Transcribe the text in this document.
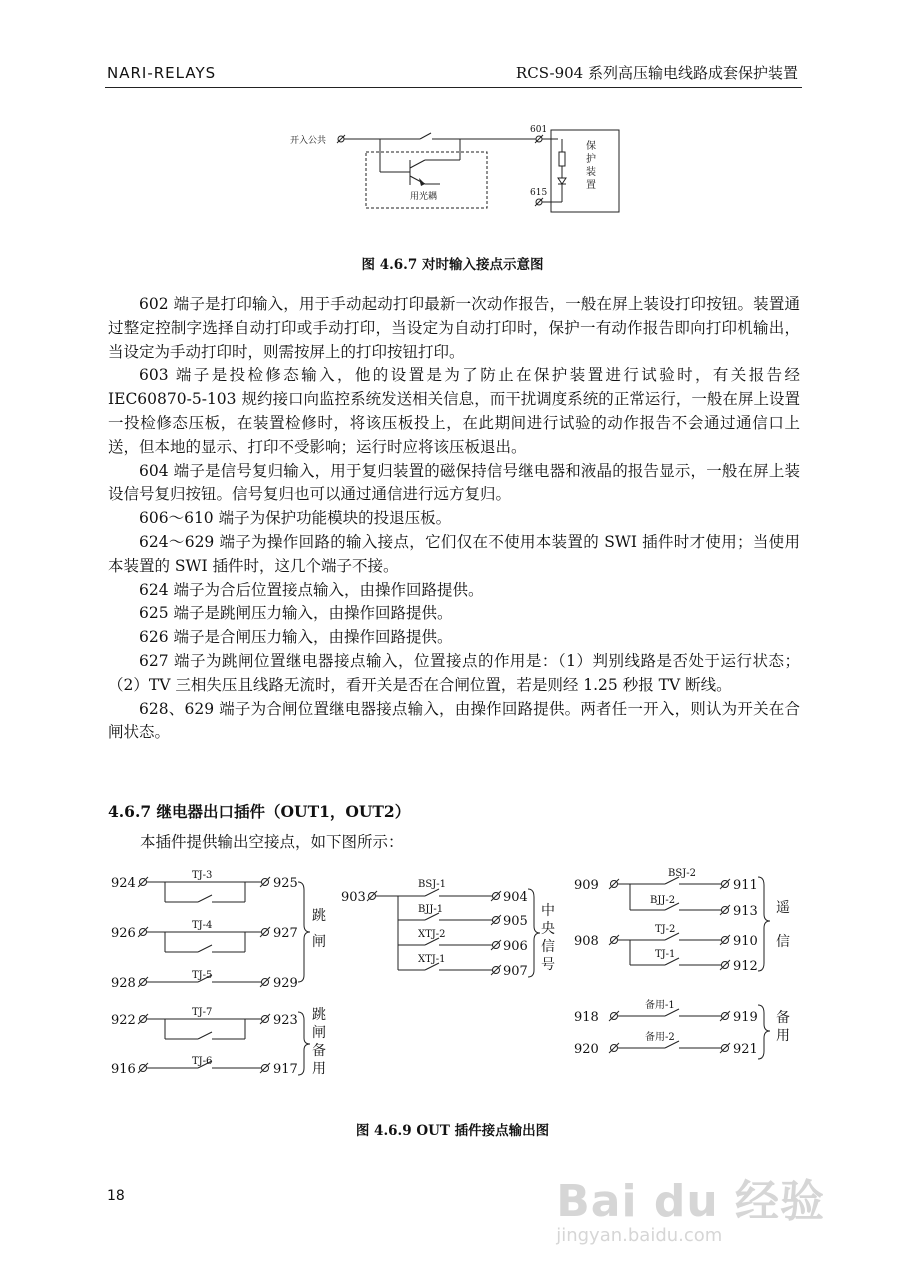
NARI-RELAYS	RCS-904 系列高压输电线路成套保护装置
开入公共
601
615
用光耦
保
护
装
置
图 4.6.7 对时输入接点示意图

602 端子是打印输入，用于手动起动打印最新一次动作报告，一般在屏上装设打印按钮。装置通过整定控制字选择自动打印或手动打印，当设定为自动打印时，保护一有动作报告即向打印机输出，当设定为手动打印时，则需按屏上的打印按钮打印。

603 端子是投检修态输入，他的设置是为了防止在保护装置进行试验时，有关报告经 IEC60870-5-103 规约接口向监控系统发送相关信息，而干扰调度系统的正常运行，一般在屏上设置一投检修态压板，在装置检修时，将该压板投上，在此期间进行试验的动作报告不会通过通信口上送，但本地的显示、打印不受影响；运行时应将该压板退出。

604 端子是信号复归输入，用于复归装置的磁保持信号继电器和液晶的报告显示，一般在屏上装设信号复归按钮。信号复归也可以通过通信进行远方复归。

606～610 端子为保护功能模块的投退压板。

624～629 端子为操作回路的输入接点，它们仅在不使用本装置的 SWI 插件时才使用；当使用本装置的 SWI 插件时，这几个端子不接。

624 端子为合后位置接点输入，由操作回路提供。

625 端子是跳闸压力输入，由操作回路提供。

626 端子是合闸压力输入，由操作回路提供。

627 端子为跳闸位置继电器接点输入，位置接点的作用是：（1）判别线路是否处于运行状态；（2）TV 三相失压且线路无流时，看开关是否在合闸位置，若是则经 1.25 秒报 TV 断线。

628、629 端子为合闸位置继电器接点输入，由操作回路提供。两者任一开入，则认为开关在合闸状态。

4.6.7 继电器出口插件（OUT1，OUT2）
本插件提供输出空接点，如下图所示：
924	925
926	927
928	929
922	923
916	917
903	904
905
906
907
909	911
913
908	910
912
918	919
920	921
TJ-3
TJ-4
TJ-5
TJ-7
TJ-6
BSJ-1
BJJ-1
XTJ-2
XTJ-1
BSJ-2
BJJ-2
TJ-2
TJ-1
备用-1
备用-2
跳
闸
跳
闸
备
用
中
央
信
号
遥
信
备
用
图 4.6.9 OUT 插件接点输出图
18	Bai du 经验
jingyan.baidu.com
